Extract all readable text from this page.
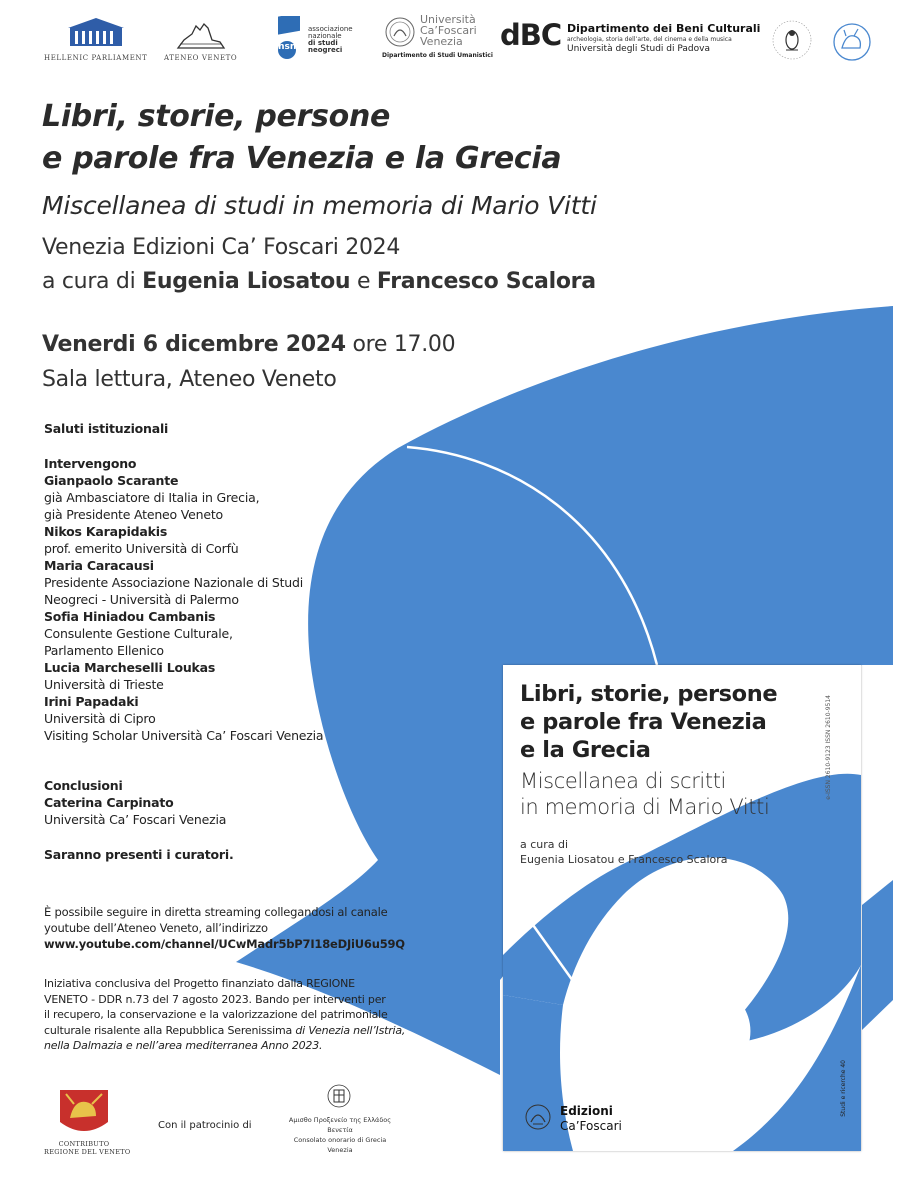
HELLENIC PARLIAMENT ATENEO VENETO
ansn
associazione
nazionale
di studi
neogreci
Università
Ca’Foscari
Venezia
Dipartimento di Studi Umanistici
dBC Dipartimento dei Beni Culturali
archeologia, storia dell’arte, del cinema e della musica
Università degli Studi di Padova
Libri, storie, persone
e parole fra Venezia e la Grecia
Miscellanea di studi in memoria di Mario Vitti
Venezia Edizioni Ca’ Foscari 2024
a cura di Eugenia Liosatou e Francesco Scalora
Venerdi 6 dicembre 2024 ore 17.00
Sala lettura, Ateneo Veneto
Saluti istituzionali
Intervengono
Gianpaolo Scarante
già Ambasciatore di Italia in Grecia,
già Presidente Ateneo Veneto
Nikos Karapidakis
prof. emerito Università di Corfù
Maria Caracausi
Presidente Associazione Nazionale di Studi
Neogreci - Università di Palermo
Sofia Hiniadou Cambanis
Consulente Gestione Culturale,
Parlamento Ellenico
Lucia Marcheselli Loukas
Università di Trieste
Irini Papadaki
Università di Cipro
Visiting Scholar Università Ca’ Foscari Venezia
Conclusioni
Caterina Carpinato
Università Ca’ Foscari Venezia
Saranno presenti i curatori.
È possibile seguire in diretta streaming collegandosi al canale
youtube dell’Ateneo Veneto, all’indirizzo
www.youtube.com/channel/UCwMadr5bP7I18eDJiU6u59Q
Iniziativa conclusiva del Progetto finanziato dalla REGIONE
VENETO - DDR n.73 del 7 agosto 2023. Bando per interventi per
il recupero, la conservazione e la valorizzazione del patrimoniale
culturale risalente alla Repubblica Serenissima di Venezia nell’Istria,
nella Dalmazia e nell’area mediterranea Anno 2023.
Libri, storie, persone
e parole fra Venezia
e la Grecia
Miscellanea di scritti
in memoria di Mario Vitti
a cura di
Eugenia Liosatou e Francesco Scalora
e-ISSN 2610-9123 ISSN 2610-9514
Studi e ricerche 40
Edizioni
Ca’Foscari
CONTRIBUTO
REGIONE DEL VENETO
Con il patrocinio di	Αμισθο Προξενείο της Ελλάδος
Βενετία
Consolato onorario di Grecia
Venezia
